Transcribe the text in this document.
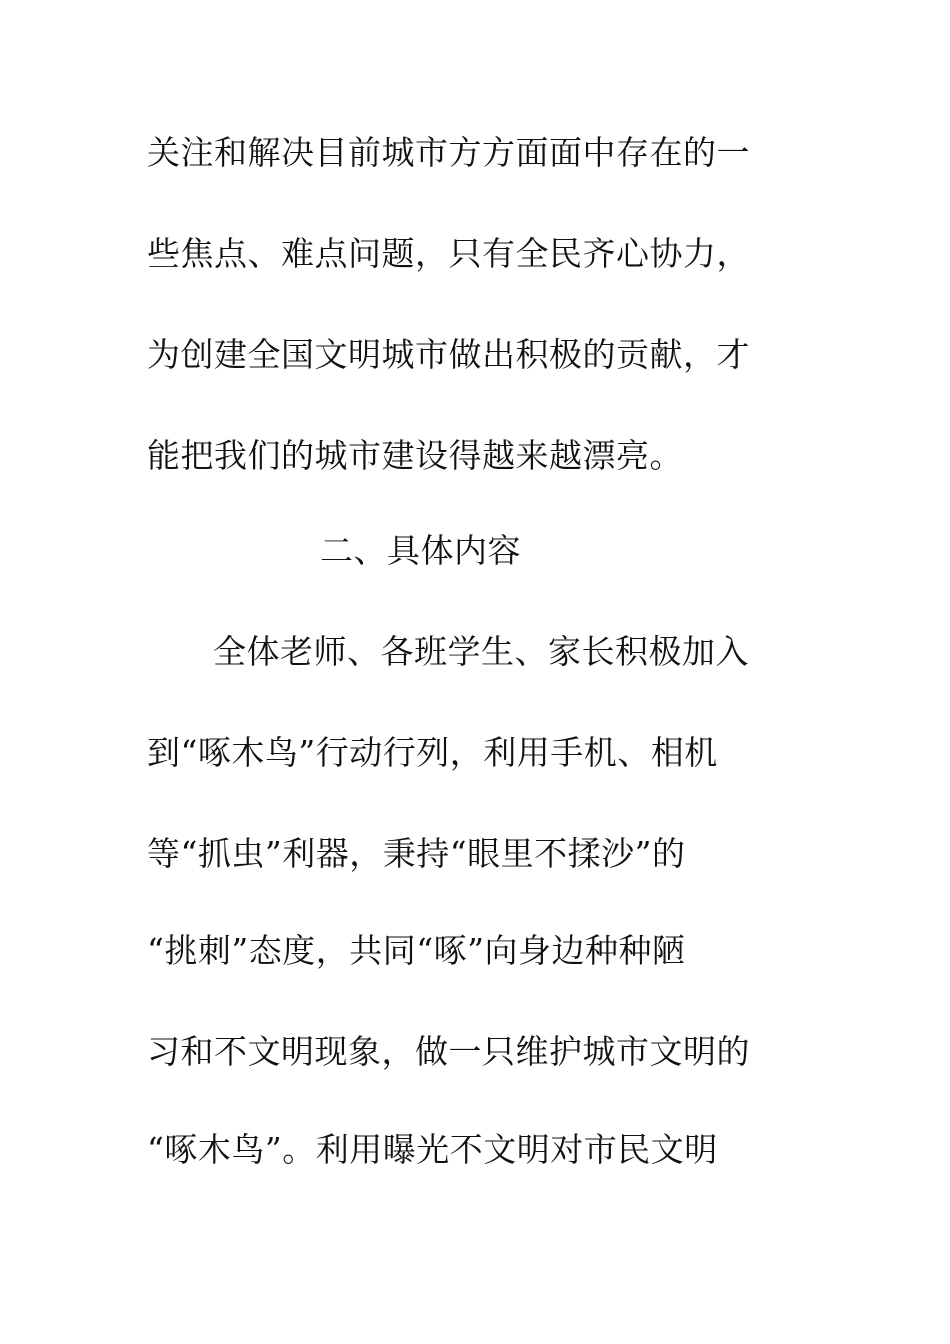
关注和解决目前城市方方面面中存在的一
些焦点、难点问题，只有全民齐心协力，
为创建全国文明城市做出积极的贡献，才
能把我们的城市建设得越来越漂亮。
二、具体内容
全体老师、各班学生、家长积极加入
到“啄木鸟”行动行列，利用手机、相机
等“抓虫”利器，秉持“眼里不揉沙”的
“挑刺”态度，共同“啄”向身边种种陋
习和不文明现象，做一只维护城市文明的
“啄木鸟”。利用曝光不文明对市民文明
